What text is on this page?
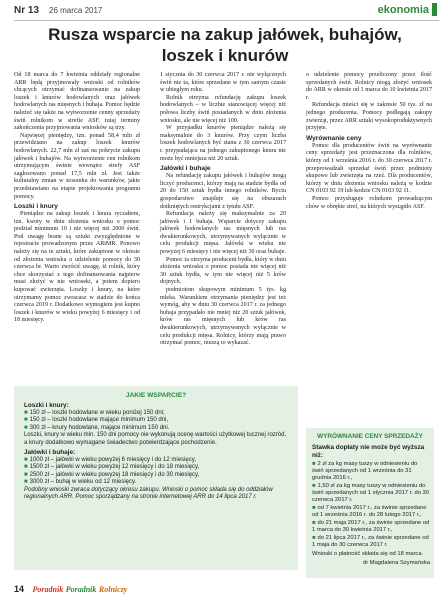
Nr 13 26 marca 2017	ekonomia
Rusza wsparcie na zakup jałówek, buhajów, loszek i knurów

Od 18 marca do 7 kwietnia oddziały regionalne ARR będą przyjmowały wnioski od rolników chcących otrzymać dofinansowanie na zakup loszek i knurów hodowlanych oraz jałówek hodowlanych ras mięsnych i buhaja. Pomoc będzie należeć się także na wytworzenie cenny sprzedaży świń rolnikom w strefie ASF, tutaj terminy zakończenia przyjmowania wniosków są trzy.

Najwięcej pieniędzy, tzn. ponad 58,4 mln zł przewidziano na zakup loszek knurów hodowlanych. 22,7 mln zł zaś na pokrycie zakupu jałówek i buhajów. Na wytworzenie cen rolnikom utrzymującym świnie wewnątrz strefy ASF zagłosowano ponad 17,5 mln zł. Jest także kulturalny zmian w stosunku do warunków, jakie przedstawiano na etapie projektowania programu pomocy.

Loszki i knury

Pieniądze na zakup loszek i knura ryczałtem, tzn. kwoty w dniu złożenia wniosku o pomoc podział minimum 10 i nie więcej niż 2000 świń. Pod uwagę brane są sztuki zwyzględnione w rejestracie prowadzonym przez ARiMR. Ponowo należy się na te sztuki, które zakupione w okresie od złożenia wniosku o udzielenie pomocy do 30 czerwca br. Warto zwrócić uwagę, iż rolnik, który chce skorzystać z tego dofinansowania najpierw musi złożyć w nie wnioseki, a potem dopiero kupować zwierzęta. Loszky i knury, na które otrzymamy pomoc zwracasz w stadzie do końca czerwca 2019 r. Dodatkowo wymogiem jest kupno loszek i knurów w wieku powyżej 6 miesięcy i od 18 miesięcy.

1 stycznia do 30 czerwca 2017 r. nie wyłącznych świń nie ta, które sprzedane w tym samym czasie w ubiegłym roku.

Rolnik otrzyma refundację zakupu loszek hodowlanych – w liczbie stanowiącej więcej niż połowa liczby świń posiadanych w dniu złożenia wniosku, ale nie więcej niż 100.

W przypadku knurów pieniądze należą się maksymalnie do 3 knurów. Przy czym liczba loszek hodowlanych być stanu z 30 czerwca 2017 r. przypadająca na jednego zakupionego knura nie może być mniejsza niż 20 sztuk.

Jałówki i buhaje

Na refundację zakupu jałówek i buhajów mogą liczyć producenci, którzy mają na stadzie bydła od 20 do 150 sztuk bydła innego rolników. Byciu gospodarstwo znajduje się na obszarach dotkniętych restrykcjami z tytułu ASF.

Refundacja należy się maksymalnie za 20 jałówek i 1 buhaja. Wsparcie dotyczy zakupu jałówek hodowlanych ras mięsnych lub ras dwukierunkowych, utrzymywanych wyłącznie w celu produkcji mięsa. Jałówki w wieku nie powyżej 6 miesięcy i nie więcej niż 30 oraz buhaje.

Pomoc ta otrzyma producent bydła, który w dniu złożenia wniosku o pomoc posiada nie więcej niż 30 sztuk bydła, w tym nie więcej niż 5 krów dojnych.

podmiotom skupowym minimum 5 tys. kg mleka. Warunkiem otrzymania pieniędzy jest też wymóg, aby w dniu 30 czerwca 2017 r. za jednego buhaja przypadało nie mniej niż 20 sztuk jałówek, krów ras mięsnych lub krów ras dwukierunkowych, utrzymywanych wyłącznie w celu produkcji mięsa. Rolnicy, którzy mają prawo otrzymać pomoc, muszą to wykazać.

o udzielenie pomocy przeliczony przez ilość sprzedanych świń. Rolnicy mogą złożyć wniosek do ARR w okresie od 1 marca do 10 kwietnia 2017 r.

Refundacja mieści się w zakresie 50 tys. zł na jednego producenta. Pomocy podlegają zakupy zwierząt, przez ARR sztuki wysokoproduktywnych przyjęte.

Wyrównanie ceny

Pomoc dla producentów świń na wyrównanie ceny sprzedaży jest przeznaczona dla rolników, którzy od 1 września 2016 r. do 30 czerwca 2017 r. przeprowadzali sprzedaż świń przez podmioty skupowe lub zwierzęta na rzeź. Dla producentów, którzy w dniu złożenia wniosku należą w kodzie CN 0103 92 19 lub kodzie CN 0103 92 11.

Pomoc przysługuje rolnikom prowadzącym chów w obrębie stref, na których wystąpiło ASF.

JAKIE WSPARCIE?
Loszki i knury:
■ 150 zł – loszki hodowlane w wieku poniżej 150 dni;
■ 150 zł – loszki hodowlane mające minimum 150 dni,
■ 300 zł – knury hodowlane, mające minimum 150 dni.
Loszki, knury w wieku min. 150 dni pomocy nie wykonują ocenę wartości użytkowej tucznej rozród, a knury dodatkowo wymagane świadectwo potwierdzające pochodzenie.
Jałówki i buhaje:
■ 1000 zł – jałówki w wieku powyżej 6 miesięcy i do 12 miesięcy,
■ 1500 zł – jałówki w wieku powyżej 12 miesięcy i do 18 miesięcy,
■ 2500 zł – jałówki w wieku powyżej 18 miesięcy i do 30 miesięcy,
■ 3000 zł – buhaj w wieku od 12 miesięcy.
Podobny wnioski zwraca dotyczący okresu zakupu. Wnioski o pomoc składa się do oddziałów regionalnych ARR. Pomoc sporządzany na stronie internetowej ARR do 14 lipca 2017 r.
WYRÓWNANIE CENY SPRZEDAŻY
Stawka dopłaty nie może być wyższa niż:
■ 2 zł za kg masy tuszy w odniesieniu do świń sprzedanych od 1 września do 31 grudnia 2016 r.,
■ 1,50 zł za kg masy tuszy w odniesieniu do świń sprzedanych od 1 stycznia 2017 r. do 30 czerwca 2017 r.
■ od 7 kwietnia 2017 r., za świnie sprzedane od 1 września 2016 r. do 28 lutego 2017 r.,
■ do 21 maja 2017 r., za świnie sprzedane od 1 marca do 30 kwietnia 2017 r.,
■ do 21 lipca 2017 r., za świnie sprzedane od 1 maja do 30 czerwca 2017 r.
Wnioski o płatność składa się od 18 marca.
dr Magdalena Szymańska
14 Poradnik Poradnik Rolniczy
